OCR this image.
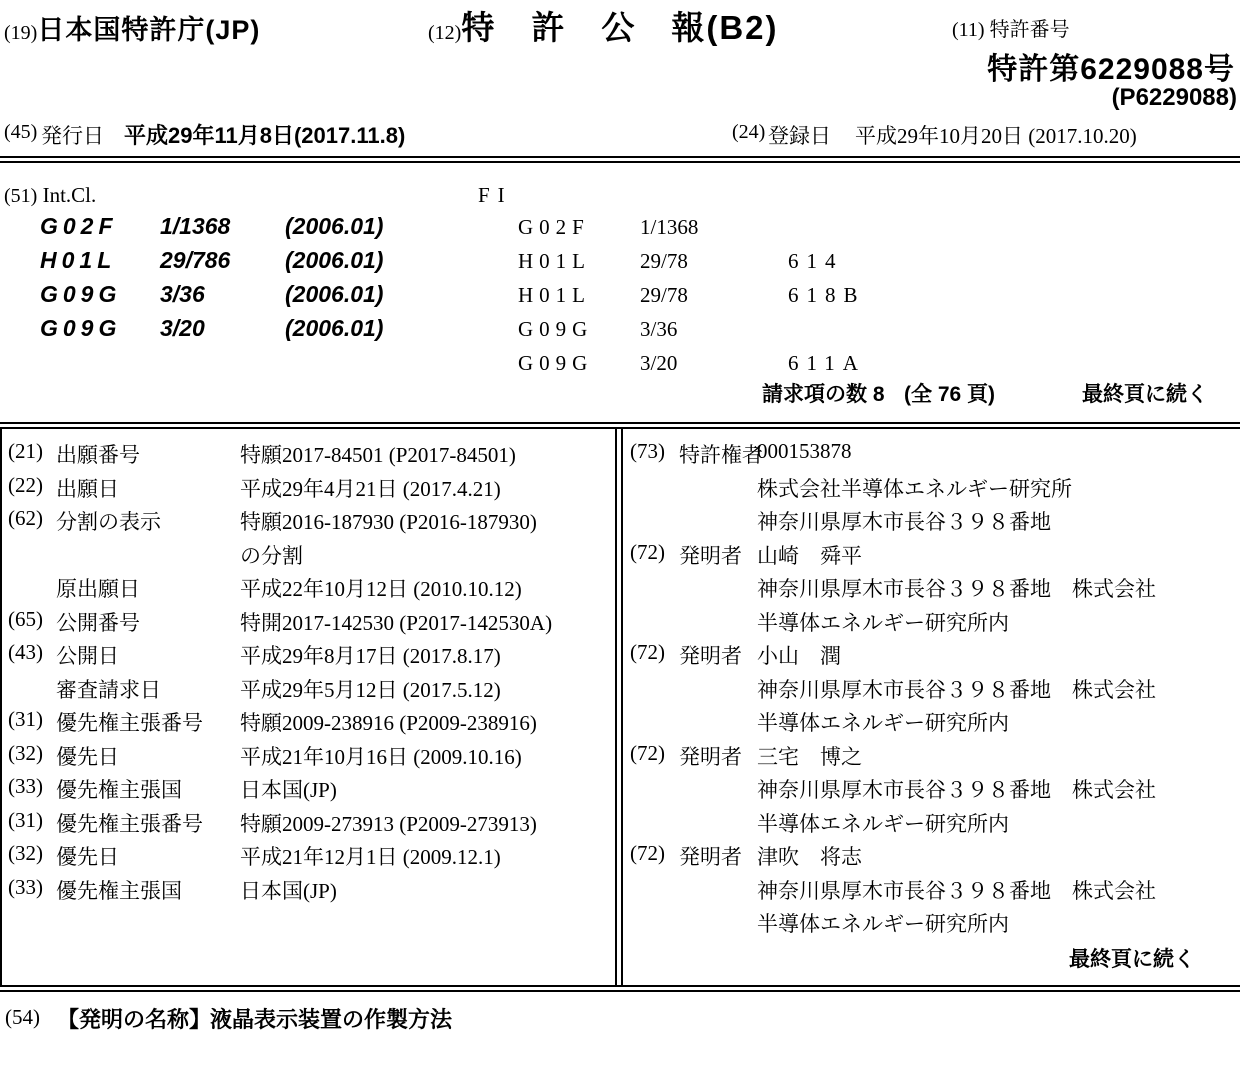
(19)日本国特許庁(JP)	(12)特　許　公　報(B2)	(11) 特許番号
特許第6229088号
(P6229088)
(45) 発行日 平成29年11月8日(2017.11.8)	(24) 登録日 平成29年10月20日 (2017.10.20)
(51) Int.Cl.	FI
G02F 1/1368 (2006.01)
H01L 29/786 (2006.01)
G09G 3/36	(2006.01)
G09G 3/20	(2006.01)
G02F 1/1368
H01L 29/78	614
H01L 29/78	618B
G09G 3/36
G09G 3/20	611A
請求項の数 8 (全 76 頁)	最終頁に続く
(21) 出願番号	特願2017-84501 (P2017-84501)
(22) 出願日	平成29年4月21日 (2017.4.21)
(62) 分割の表示	特願2016-187930 (P2016-187930)
の分割
原出願日	平成22年10月12日 (2010.10.12)
(65) 公開番号	特開2017-142530 (P2017-142530A)
(43) 公開日	平成29年8月17日 (2017.8.17)
審査請求日	平成29年5月12日 (2017.5.12)
(31) 優先権主張番号 特願2009-238916 (P2009-238916)
(32) 優先日	平成21年10月16日 (2009.10.16)
(33) 優先権主張国	日本国(JP)
(31) 優先権主張番号 特願2009-273913 (P2009-273913)
(32) 優先日	平成21年12月1日 (2009.12.1)
(33) 優先権主張国	日本国(JP)
最終頁に続く
(73) 特許権者
000153878
株式会社半導体エネルギー研究所
神奈川県厚木市長谷３９８番地
(72) 発明者 山崎　舜平
神奈川県厚木市長谷３９８番地　株式会社
半導体エネルギー研究所内
(72) 発明者 小山　潤
神奈川県厚木市長谷３９８番地　株式会社
半導体エネルギー研究所内
(72) 発明者 三宅　博之
神奈川県厚木市長谷３９８番地　株式会社
半導体エネルギー研究所内
(72) 発明者 津吹　将志
神奈川県厚木市長谷３９８番地　株式会社
半導体エネルギー研究所内
(54) 【発明の名称】
液晶表示装置の作製方法
